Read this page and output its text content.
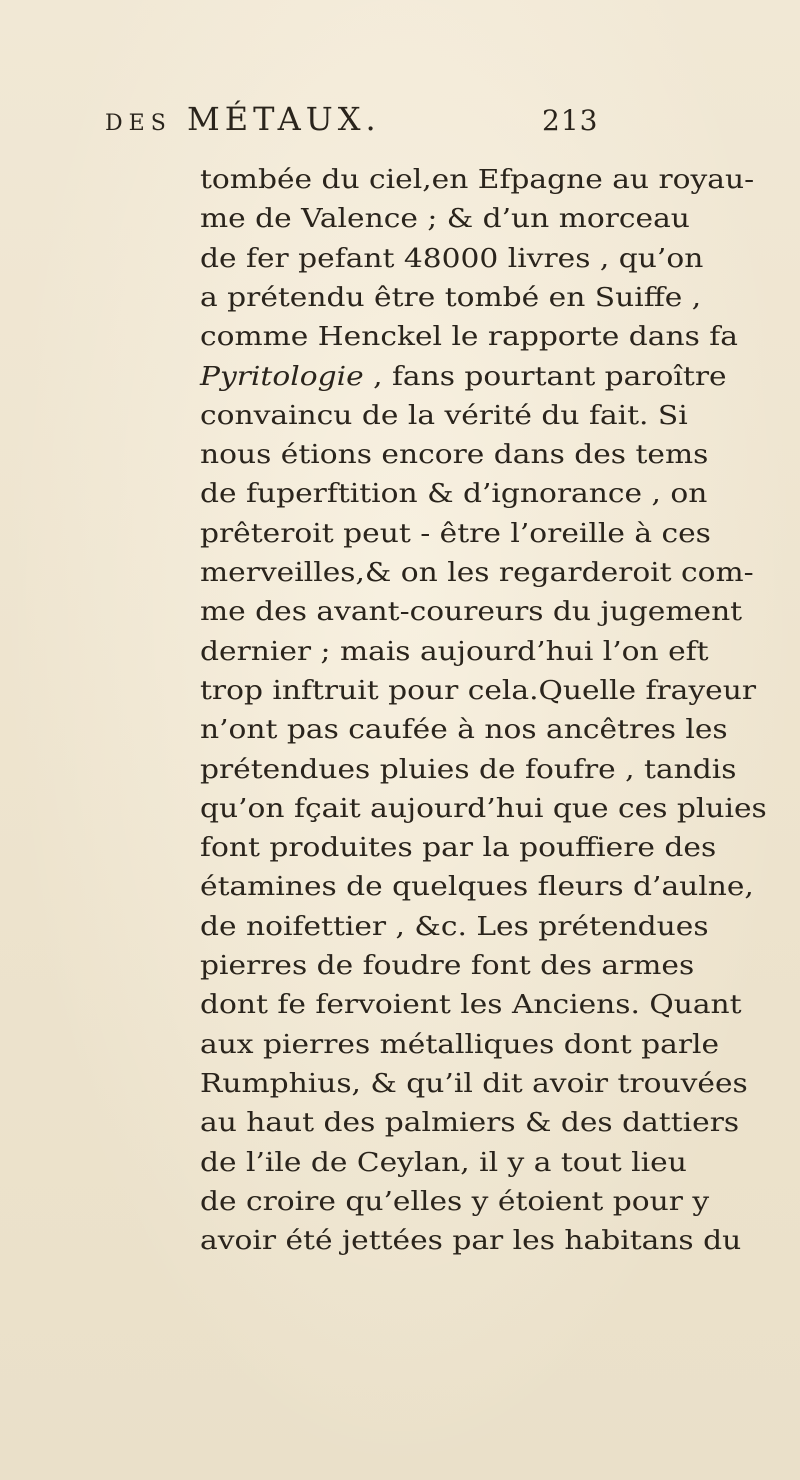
DES MÉTAUX.	213
tombée du ciel,en Efpagne au royau-
me de Valence ; & d’un morceau
de fer pefant 48000 livres , qu’on
a prétendu être tombé en Suiffe ,
comme Henckel le rapporte dans fa
Pyritologie , fans pourtant paroître
convaincu de la vérité du fait. Si
nous étions encore dans des tems
de fuperftition & d’ignorance , on
prêteroit peut - être l’oreille à ces
merveilles,& on les regarderoit com-
me des avant-coureurs du jugement
dernier ; mais aujourd’hui l’on eft
trop inftruit pour cela.Quelle frayeur
n’ont pas caufée à nos ancêtres les
prétendues pluies de foufre , tandis
qu’on fçait aujourd’hui que ces pluies
font produites par la pouffiere des
étamines de quelques fleurs d’aulne,
de noifettier , &c. Les prétendues
pierres de foudre font des armes
dont fe fervoient les Anciens. Quant
aux pierres métalliques dont parle
Rumphius, & qu’il dit avoir trouvées
au haut des palmiers & des dattiers
de l’ile de Ceylan, il y a tout lieu
de croire qu’elles y étoient pour y
avoir été jettées par les habitans du
